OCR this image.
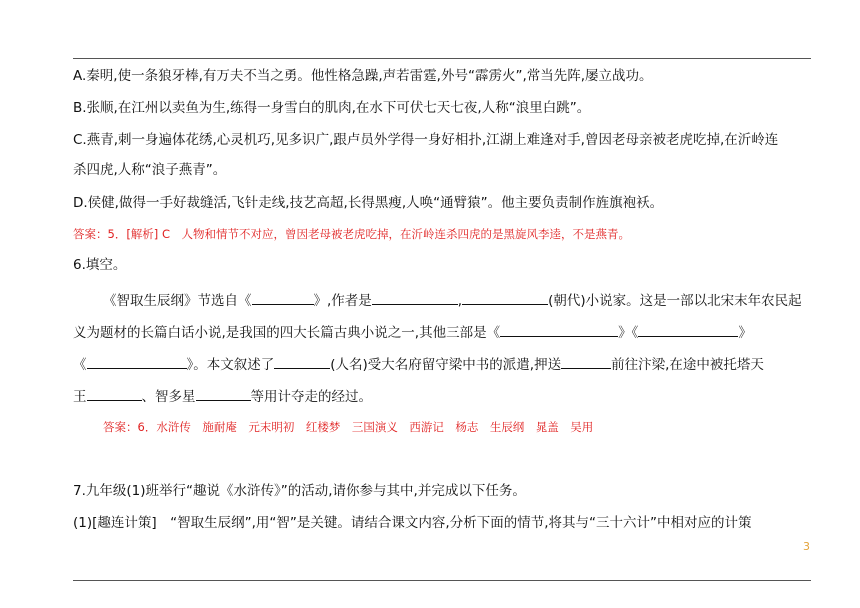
A.秦明,使一条狼牙棒,有万夫不当之勇。他性格急躁,声若雷霆,外号“霹雳火”,常当先阵,屡立战功。
B.张顺,在江州以卖鱼为生,练得一身雪白的肌肉,在水下可伏七天七夜,人称“浪里白跳”。
C.燕青,刺一身遍体花绣,心灵机巧,见多识广,跟卢员外学得一身好相扑,江湖上难逢对手,曾因老母亲被老虎吃掉,在沂岭连
杀四虎,人称“浪子燕青”。
D.侯健,做得一手好裁缝活,飞针走线,技艺高超,长得黑瘦,人唤“通臂猿”。他主要负责制作旌旗袍袄。
答案：5．[解析] C　人物和情节不对应，曾因老母被老虎吃掉，在沂岭连杀四虎的是黑旋风李逵，不是燕青。
6.填空。
《智取生辰纲》节选自《	》,作者是	,	(朝代)小说家。这是一部以北宋末年农民起
义为题材的长篇白话小说,是我国的四大长篇古典小说之一,其他三部是《	》《	》
《	》。本文叙述了	(人名)受大名府留守梁中书的派遣,押送	前往汴梁,在途中被托塔天
王	、智多星	等用计夺走的经过。
答案：6．水浒传　施耐庵　元末明初　红楼梦　三国演义　西游记　杨志　生辰纲　晁盖　吴用
7.九年级(1)班举行“趣说《水浒传》”的活动,请你参与其中,并完成以下任务。
(1)[趣连计策]　“智取生辰纲”,用“智”是关键。请结合课文内容,分析下面的情节,将其与“三十六计”中相对应的计策
3
